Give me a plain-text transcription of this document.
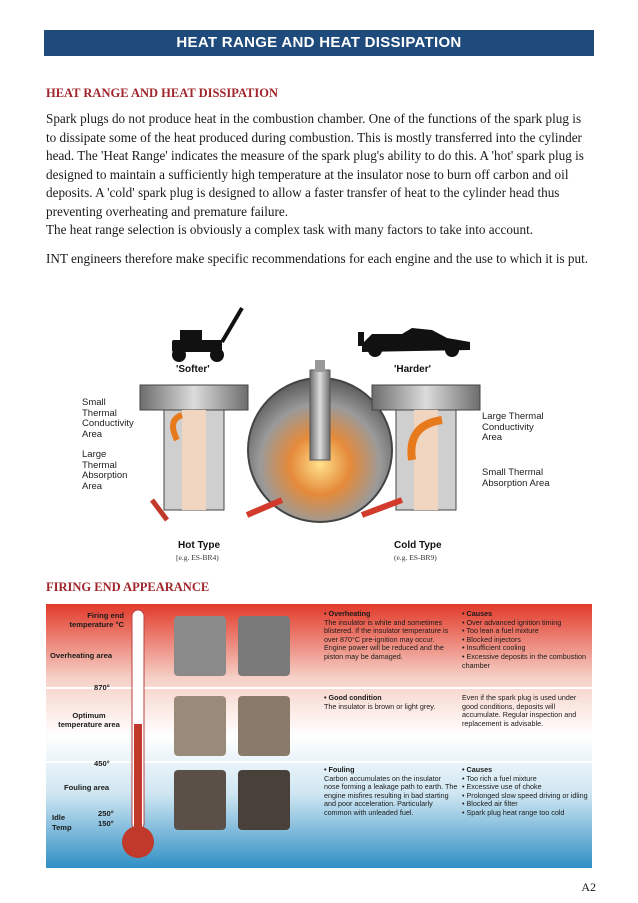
HEAT RANGE AND HEAT DISSIPATION
HEAT RANGE AND HEAT DISSIPATION
Spark plugs do not produce heat in the combustion chamber. One of the functions of the spark plug is to dissipate some of the heat produced during combustion. This is mostly transferred into the cylinder head. The 'Heat Range' indicates the measure of the spark plug's ability to do this. A 'hot' spark plug is designed to maintain a sufficiently high temperature at the insulator nose to burn off carbon and oil deposits. A 'cold' spark plug is designed to allow a faster transfer of heat to the cylinder head thus preventing overheating and premature failure.
The heat range selection is obviously a complex task with many factors to take into account.
INT engineers therefore make specific recommendations for each engine and the use to which it is put.
'Softer'	'Harder'
Small Thermal Conductivity Area
Large Thermal Absorption Area
Large Thermal Conductivity Area
Small Thermal Absorption Area
Hot Type
[e.g. ES-BR4)
Cold Type
(e.g. ES-BR9)
FIRING END APPEARANCE
Firing end temperature °C
Overheating area
870°
Optimum temperature area
450°
Fouling area
Idle
Temp
250°
150°
• Overheating
The insulator is white and sometimes blistered. If the insulator temperature is over 870°C pre-ignition may occur. Engine power will be reduced and the piston may be damaged.
• Causes
• Over advanced ignition timing
• Too lean a fuel mixture
• Blocked injectors
• Insufficient cooling
• Excessive deposits in the combustion chamber
• Good condition
The insulator is brown or light grey.
Even if the spark plug is used under good conditions, deposits will accumulate. Regular inspection and replacement is advisable.
• Fouling
Carbon accumulates on the insulator nose forming a leakage path to earth. The engine misfires resulting in bad starting and poor acceleration. Particularly common with unleaded fuel.
• Causes
• Too rich a fuel mixture
• Excessive use of choke
• Prolonged slow speed driving or idling
• Blocked air filter
• Spark plug heat range too cold
A2
